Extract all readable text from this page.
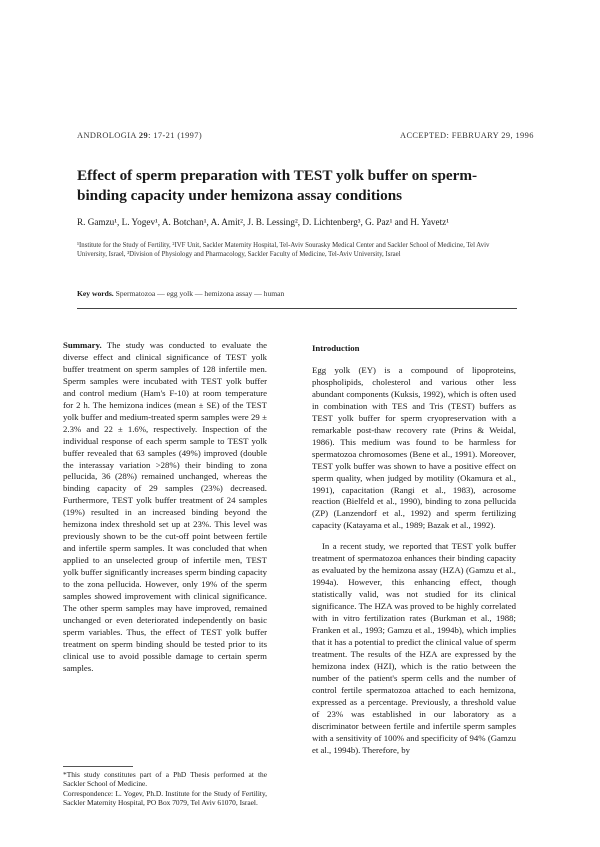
ANDROLOGIA 29: 17-21 (1997)	ACCEPTED: FEBRUARY 29, 1996
Effect of sperm preparation with TEST yolk buffer on sperm-binding capacity under hemizona assay conditions
R. Gamzu¹, L. Yogev¹, A. Botchan¹, A. Amit², J. B. Lessing², D. Lichtenberg³, G. Paz¹ and H. Yavetz¹
¹Institute for the Study of Fertility, ²IVF Unit, Sackler Maternity Hospital, Tel-Aviv Sourasky Medical Center and Sackler School of Medicine, Tel Aviv University, Israel, ³Division of Physiology and Pharmacology, Sackler Faculty of Medicine, Tel-Aviv University, Israel
Key words. Spermatozoa — egg yolk — hemizona assay — human

Summary. The study was conducted to evaluate the diverse effect and clinical significance of TEST yolk buffer treatment on sperm samples of 128 infertile men. Sperm samples were incubated with TEST yolk buffer and control medium (Ham's F-10) at room temperature for 2 h. The hemizona indices (mean ± SE) of the TEST yolk buffer and medium-treated sperm samples were 29 ± 2.3% and 22 ± 1.6%, respectively. Inspection of the individual response of each sperm sample to TEST yolk buffer revealed that 63 samples (49%) improved (double the interassay variation >28%) their binding to zona pellucida, 36 (28%) remained unchanged, whereas the binding capacity of 29 samples (23%) decreased. Furthermore, TEST yolk buffer treatment of 24 samples (19%) resulted in an increased binding beyond the hemizona index threshold set up at 23%. This level was previously shown to be the cut-off point between fertile and infertile sperm samples. It was concluded that when applied to an unselected group of infertile men, TEST yolk buffer significantly increases sperm binding capacity to the zona pellucida. However, only 19% of the sperm samples showed improvement with clinical significance. The other sperm samples may have improved, remained unchanged or even deteriorated independently on basic sperm variables. Thus, the effect of TEST yolk buffer treatment on sperm binding should be tested prior to its clinical use to avoid possible damage to certain sperm samples.

Introduction

Egg yolk (EY) is a compound of lipoproteins, phospholipids, cholesterol and various other less abundant components (Kuksis, 1992), which is often used in combination with TES and Tris (TEST) buffers as TEST yolk buffer for sperm cryopreservation with a remarkable post-thaw recovery rate (Prins & Weidal, 1986). This medium was found to be harmless for spermatozoa chromosomes (Bene et al., 1991). Moreover, TEST yolk buffer was shown to have a positive effect on sperm quality, when judged by motility (Okamura et al., 1991), capacitation (Rangi et al., 1983), acrosome reaction (Bielfeld et al., 1990), binding to zona pellucida (ZP) (Lanzendorf et al., 1992) and sperm fertilizing capacity (Katayama et al., 1989; Bazak et al., 1992).

In a recent study, we reported that TEST yolk buffer treatment of spermatozoa enhances their binding capacity as evaluated by the hemizona assay (HZA) (Gamzu et al., 1994a). However, this enhancing effect, though statistically valid, was not studied for its clinical significance. The HZA was proved to be highly correlated with in vitro fertilization rates (Burkman et al., 1988; Franken et al., 1993; Gamzu et al., 1994b), which implies that it has a potential to predict the clinical value of sperm treatment. The results of the HZA are expressed by the hemizona index (HZI), which is the ratio between the number of the patient's sperm cells and the number of control fertile spermatozoa attached to each hemizona, expressed as a percentage. Previously, a threshold value of 23% was established in our laboratory as a discriminator between fertile and infertile sperm samples with a sensitivity of 100% and specificity of 94% (Gamzu et al., 1994b). Therefore, by

*This study constitutes part of a PhD Thesis performed at the Sackler School of Medicine.

Correspondence: L. Yogev, Ph.D. Institute for the Study of Fertility, Sackler Maternity Hospital, PO Box 7079, Tel Aviv 61070, Israel.
